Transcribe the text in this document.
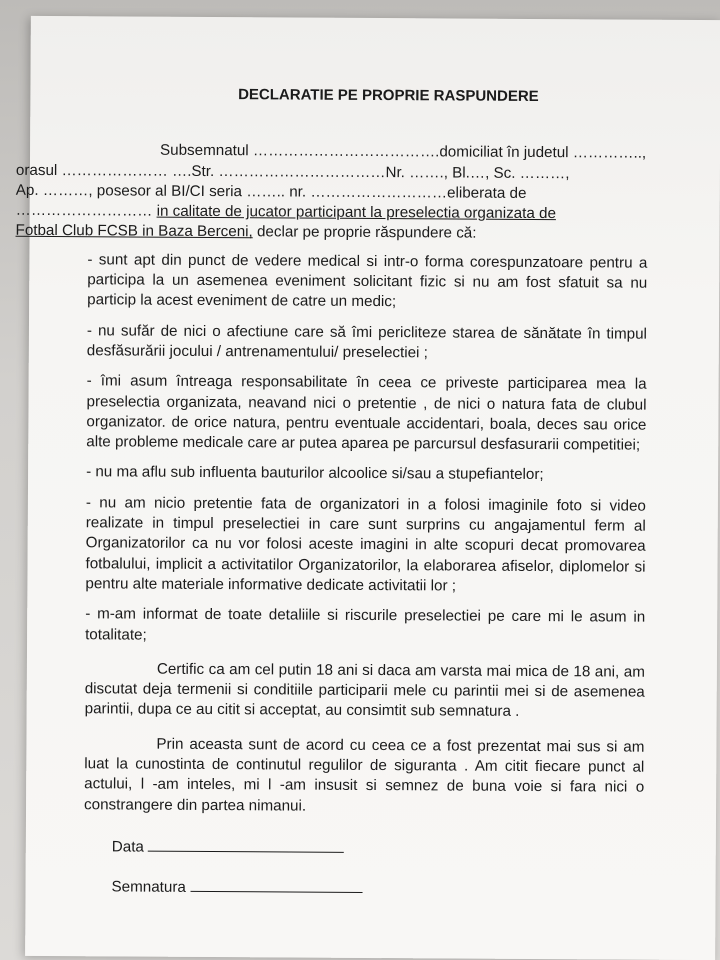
DECLARATIE PE PROPRIE RASPUNDERE
Subsemnatul ……………………………….domiciliat în judetul …………..,
orasul ………………… ….Str. ……………………………Nr. ……., Bl.…, Sc. ………,
Ap. ………, posesor al BI/CI seria …….. nr. ………………………eliberata de
……………………… in calitate de jucator participant la preselectia organizata de
Fotbal Club FCSB in Baza Berceni, declar pe proprie răspundere că:
- sunt apt din punct de vedere medical si intr-o forma corespunzatoare pentru a participa la un asemenea eveniment solicitant fizic si nu am fost sfatuit sa nu particip la acest eveniment de catre un medic;
- nu sufăr de nici o afectiune care să îmi pericliteze starea de sănătate în timpul desfăsurării jocului / antrenamentului/ preselectiei ;
- îmi asum întreaga responsabilitate în ceea ce priveste participarea mea la preselectia organizata, neavand nici o pretentie , de nici o natura fata de clubul organizator. de orice natura, pentru eventuale accidentari, boala, deces sau orice alte probleme medicale care ar putea aparea pe parcursul desfasurarii competitiei;
- nu ma aflu sub influenta bauturilor alcoolice si/sau a stupefiantelor;
- nu am nicio pretentie fata de organizatori in a folosi imaginile foto si video realizate in timpul preselectiei in care sunt surprins cu angajamentul ferm al Organizatorilor ca nu vor folosi aceste imagini in alte scopuri decat promovarea fotbalului, implicit a activitatilor Organizatorilor, la elaborarea afiselor, diplomelor si pentru alte materiale informative dedicate activitatii lor ;
- m-am informat de toate detaliile si riscurile preselectiei pe care mi le asum in totalitate;
Certific ca am cel putin 18 ani si daca am varsta mai mica de 18 ani, am discutat deja termenii si conditiile participarii mele cu parintii mei si de asemenea parintii, dupa ce au citit si acceptat, au consimtit sub semnatura .
Prin aceasta sunt de acord cu ceea ce a fost prezentat mai sus si am luat la cunostinta de continutul regulilor de siguranta . Am citit fiecare punct al actului, l -am inteles, mi l -am insusit si semnez de buna voie si fara nici o constrangere din partea nimanui.
Data
Semnatura
